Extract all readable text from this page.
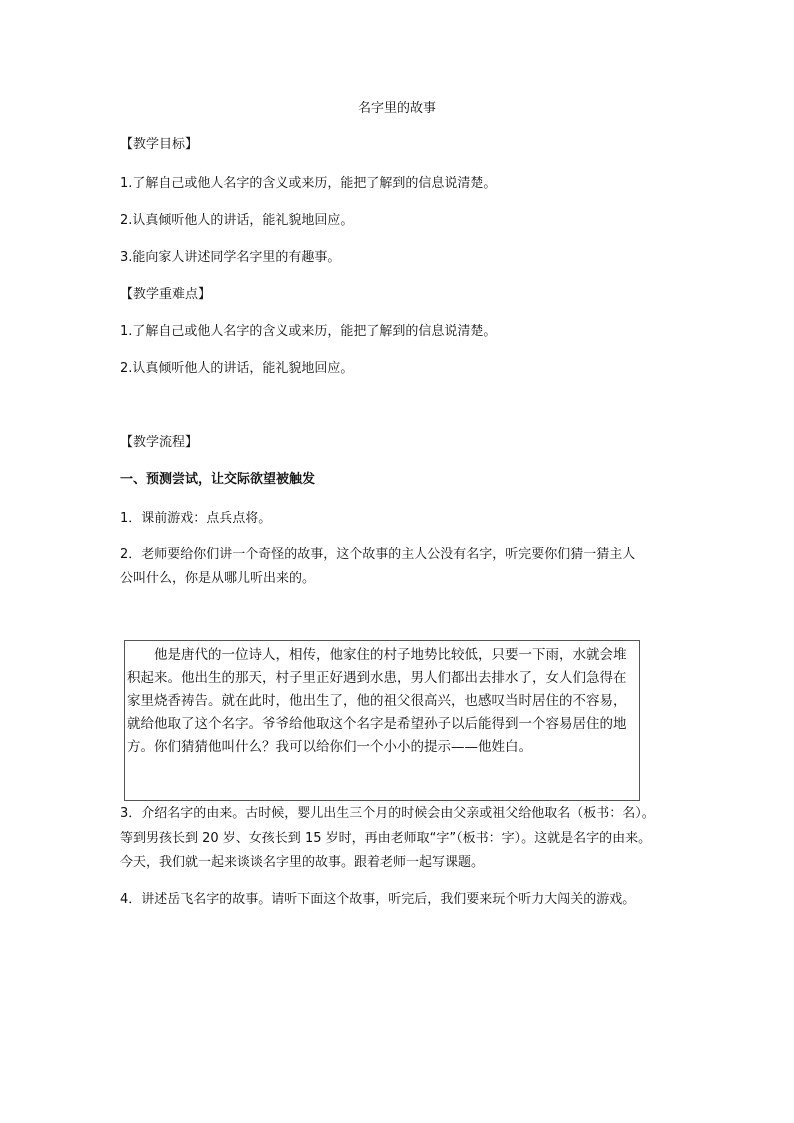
名字里的故事
【教学目标】
1.了解自己或他人名字的含义或来历，能把了解到的信息说清楚。
2.认真倾听他人的讲话，能礼貌地回应。
3.能向家人讲述同学名字里的有趣事。
【教学重难点】
1.了解自己或他人名字的含义或来历，能把了解到的信息说清楚。
2.认真倾听他人的讲话，能礼貌地回应。
【教学流程】
一、预测尝试，让交际欲望被触发
1．课前游戏：点兵点将。
2．老师要给你们讲一个奇怪的故事，这个故事的主人公没有名字，听完要你们猜一猜主人
公叫什么，你是从哪儿听出来的。
　　他是唐代的一位诗人，相传，他家住的村子地势比较低，只要一下雨，水就会堆
积起来。他出生的那天，村子里正好遇到水患，男人们都出去排水了，女人们急得在
家里烧香祷告。就在此时，他出生了，他的祖父很高兴，也感叹当时居住的不容易，
就给他取了这个名字。爷爷给他取这个名字是希望孙子以后能得到一个容易居住的地
方。你们猜猜他叫什么？我可以给你们一个小小的提示——他姓白。
3．介绍名字的由来。古时候，婴儿出生三个月的时候会由父亲或祖父给他取名（板书：名）。
等到男孩长到 20 岁、女孩长到 15 岁时，再由老师取“字”（板书：字）。这就是名字的由来。
今天，我们就一起来谈谈名字里的故事。跟着老师一起写课题。
4．讲述岳飞名字的故事。请听下面这个故事，听完后，我们要来玩个听力大闯关的游戏。
